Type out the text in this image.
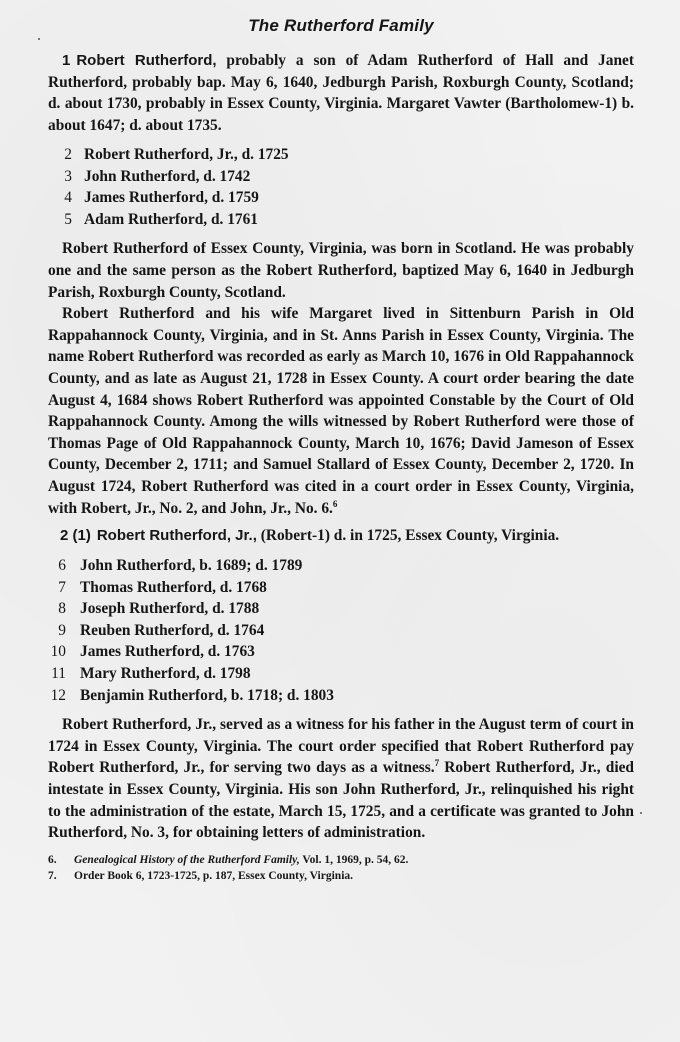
The Rutherford Family

1 Robert Rutherford, probably a son of Adam Rutherford of Hall and Janet Rutherford, probably bap. May 6, 1640, Jedburgh Parish, Roxburgh County, Scotland; d. about 1730, probably in Essex County, Virginia. Margaret Vawter (Bartholomew-1) b. about 1647; d. about 1735.

2 Robert Rutherford, Jr., d. 1725
3 John Rutherford, d. 1742
4 James Rutherford, d. 1759
5 Adam Rutherford, d. 1761

Robert Rutherford of Essex County, Virginia, was born in Scotland. He was probably one and the same person as the Robert Rutherford, baptized May 6, 1640 in Jedburgh Parish, Roxburgh County, Scotland.

Robert Rutherford and his wife Margaret lived in Sittenburn Parish in Old Rappahannock County, Virginia, and in St. Anns Parish in Essex County, Virginia. The name Robert Rutherford was recorded as early as March 10, 1676 in Old Rappahannock County, and as late as August 21, 1728 in Essex County. A court order bearing the date August 4, 1684 shows Robert Rutherford was appointed Constable by the Court of Old Rappahannock County. Among the wills witnessed by Robert Rutherford were those of Thomas Page of Old Rappahannock County, March 10, 1676; David Jameson of Essex County, December 2, 1711; and Samuel Stallard of Essex County, December 2, 1720. In August 1724, Robert Rutherford was cited in a court order in Essex County, Virginia, with Robert, Jr., No. 2, and John, Jr., No. 6.$^6$

2 (1) Robert Rutherford, Jr., (Robert-1) d. in 1725, Essex County, Virginia.
6 John Rutherford, b. 1689; d. 1789
7 Thomas Rutherford, d. 1768
8 Joseph Rutherford, d. 1788
9 Reuben Rutherford, d. 1764
10 James Rutherford, d. 1763
11 Mary Rutherford, d. 1798
12 Benjamin Rutherford, b. 1718; d. 1803

Robert Rutherford, Jr., served as a witness for his father in the August term of court in 1724 in Essex County, Virginia. The court order specified that Robert Rutherford pay Robert Rutherford, Jr., for serving two days as a witness.$^7$ Robert Rutherford, Jr., died intestate in Essex County, Virginia. His son John Rutherford, Jr., relinquished his right to the administration of the estate, March 15, 1725, and a certificate was granted to John Rutherford, No. 3, for obtaining letters of administration.

6. Genealogical History of the Rutherford Family, Vol. 1, 1969, p. 54, 62.
7. Order Book 6, 1723-1725, p. 187, Essex County, Virginia.
